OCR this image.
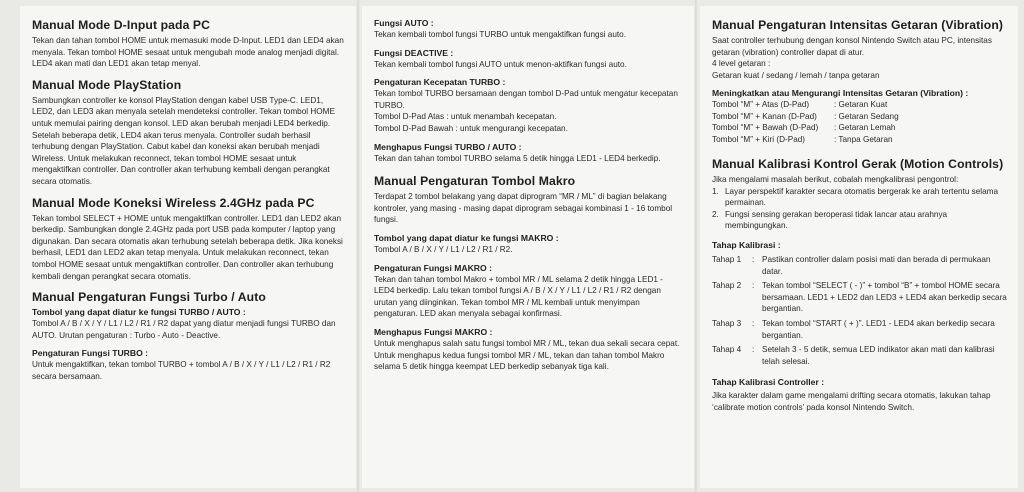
Manual Mode D-Input pada PC

Tekan dan tahan tombol HOME untuk memasuki mode D-Input. LED1 dan LED4 akan menyala. Tekan tombol HOME sesaat untuk mengubah mode analog menjadi digital. LED4 akan mati dan LED1 akan tetap menyal.

Manual Mode PlayStation

Sambungkan controller ke konsol PlayStation dengan kabel USB Type-C. LED1, LED2, dan LED3 akan menyala setelah mendeteksi controller. Tekan tombol HOME untuk memulai pairing dengan konsol. LED akan berubah menjadi LED4 berkedip. Setelah beberapa detik, LED4 akan terus menyala. Controller sudah berhasil terhubung dengan PlayStation. Cabut kabel dan koneksi akan berubah menjadi Wireless. Untuk melakukan reconnect, tekan tombol HOME sesaat untuk mengaktifkan controller. Dan controller akan terhubung kembali dengan perangkat secara otomatis.

Manual Mode Koneksi Wireless 2.4GHz pada PC

Tekan tombol SELECT + HOME untuk mengaktifkan controller. LED1 dan LED2 akan berkedip. Sambungkan dongle 2.4GHz pada port USB pada komputer / laptop yang digunakan. Dan secara otomatis akan terhubung setelah beberapa detik. Jika koneksi berhasil, LED1 dan LED2 akan tetap menyala. Untuk melakukan reconnect, tekan tombol HOME sesaat untuk mengaktifkan controller. Dan controller akan terhubung kembali dengan perangkat secara otomatis.

Manual Pengaturan Fungsi Turbo / Auto
Tombol yang dapat diatur ke fungsi TURBO / AUTO :

Tombol A / B / X / Y / L1 / L2 / R1 / R2 dapat yang diatur menjadi fungsi TURBO dan AUTO. Urutan pengaturan : Turbo - Auto - Deactive.

Pengaturan Fungsi TURBO :

Untuk mengaktifkan, tekan tombol TURBO + tombol A / B / X / Y / L1 / L2 / R1 / R2 secara bersamaan.

Fungsi AUTO :

Tekan kembali tombol fungsi TURBO untuk mengaktifkan fungsi auto.

Fungsi DEACTIVE :

Tekan kembali tombol fungsi AUTO untuk menon-aktifkan fungsi auto.

Pengaturan Kecepatan TURBO :

Tekan tombol TURBO bersamaan dengan tombol D-Pad untuk mengatur kecepatan TURBO.

Tombol D-Pad Atas : untuk menambah kecepatan.

Tombol D-Pad Bawah : untuk mengurangi kecepatan.

Menghapus Fungsi TURBO / AUTO :

Tekan dan tahan tombol TURBO selama 5 detik hingga LED1 - LED4 berkedip.

Manual Pengaturan Tombol Makro

Terdapat 2 tombol belakang yang dapat diprogram “MR / ML” di bagian belakang kontroler, yang masing - masing dapat diprogram sebagai kombinasi 1 - 16 tombol fungsi.

Tombol yang dapat diatur ke fungsi MAKRO :

Tombol A / B / X / Y / L1 / L2 / R1 / R2.

Pengaturan Fungsi MAKRO :

Tekan dan tahan tombol Makro + tombol MR / ML selama 2 detik hingga LED1 - LED4 berkedip. Lalu tekan tombol fungsi A / B / X / Y / L1 / L2 / R1 / R2 dengan urutan yang diinginkan. Tekan tombol MR / ML kembali untuk menyimpan pengaturan. LED akan menyala sebagai konfirmasi.

Menghapus Fungsi MAKRO :

Untuk menghapus salah satu fungsi tombol MR / ML, tekan dua sekali secara cepat. Untuk menghapus kedua fungsi tombol MR / ML, tekan dan tahan tombol Makro selama 5 detik hingga keempat LED berkedip sebanyak tiga kali.

Manual Pengaturan Intensitas Getaran (Vibration)

Saat controller terhubung dengan konsol Nintendo Switch atau PC, intensitas getaran (vibration) controller dapat di atur.

4 level getaran :

Getaran kuat / sedang / lemah / tanpa getaran

Meningkatkan atau Mengurangi Intensitas Getaran (Vibration) :
Tombol “M” + Atas (D-Pad)	: Getaran Kuat
Tombol “M” + Kanan (D-Pad)	: Getaran Sedang
Tombol “M” + Bawah (D-Pad)	: Getaran Lemah
Tombol “M” + Kiri (D-Pad)	: Tanpa Getaran
Manual Kalibrasi Kontrol Gerak (Motion Controls)

Jika mengalami masalah berikut, cobalah mengkalibrasi pengontrol:

1. Layar perspektif karakter secara otomatis bergerak ke arah tertentu selama permainan.
2. Fungsi sensing gerakan beroperasi tidak lancar atau arahnya membingungkan.
Tahap Kalibrasi :
Tahap 1	: Pastikan controller dalam posisi mati dan berada di permukaan datar.
Tahap 2	: Tekan tombol “SELECT ( - )” + tombol “B” + tombol HOME secara bersamaan. LED1 + LED2 dan LED3 + LED4 akan berkedip secara bergantian.
Tahap 3	: Tekan tombol “START ( + )”. LED1 - LED4 akan berkedip secara bergantian.
Tahap 4	: Setelah 3 - 5 detik, semua LED indikator akan mati dan kalibrasi telah selesai.
Tahap Kalibrasi Controller :

Jika karakter dalam game mengalami drifting secara otomatis, lakukan tahap ‘calibrate motion controls’ pada konsol Nintendo Switch.
